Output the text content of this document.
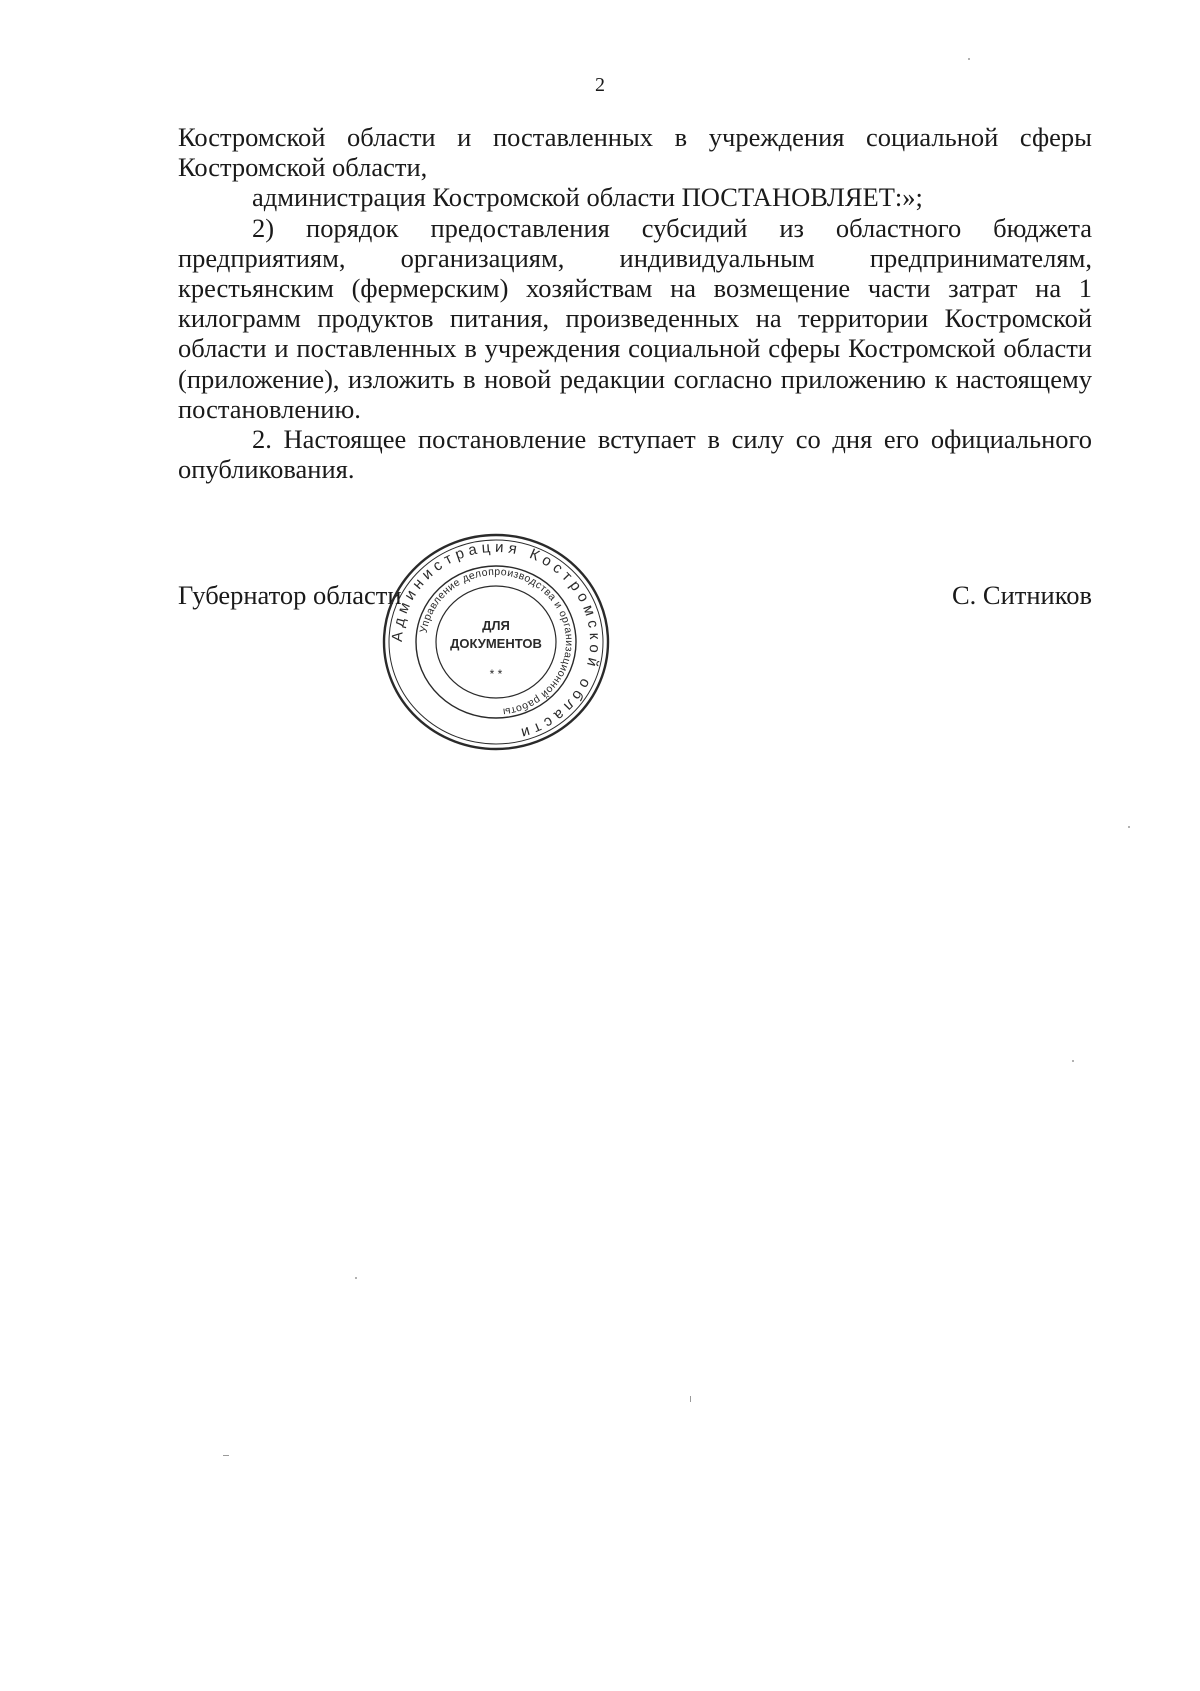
2

Костромской области и поставленных в учреждения социальной сферы Костромской области,

администрация Костромской области ПОСТАНОВЛЯЕТ:»;

2) порядок предоставления субсидий из областного бюджета предприятиям, организациям, индивидуальным предпринимателям, крестьянским (фермерским) хозяйствам на возмещение части затрат на 1 килограмм продуктов питания, произведенных на территории Костромской области и поставленных в учреждения социальной сферы Костромской области (приложение), изложить в новой редакции согласно приложению к настоящему постановлению.

2. Настоящее постановление вступает в силу со дня его официального опубликования.

Губернатор области	С. Ситников
Администрация Костромской области
Управление делопроизводства и организационной работы
ДЛЯ
ДОКУМЕНТОВ
* *
